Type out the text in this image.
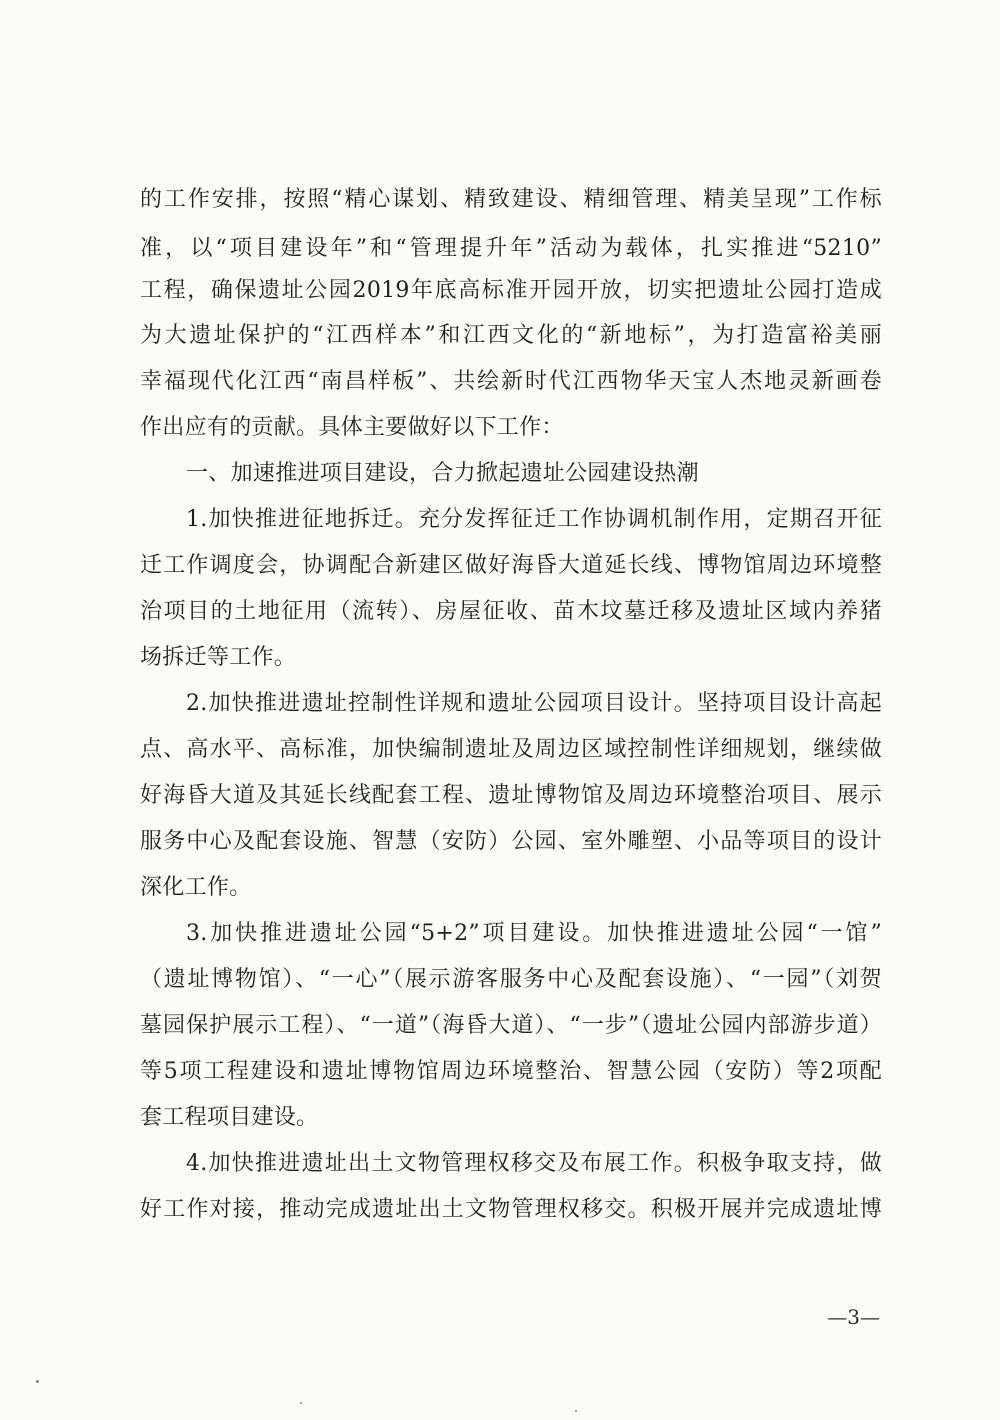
的工作安排，按照“精心谋划、精致建设、精细管理、精美呈现”工作标
准，以“项目建设年”和“管理提升年”活动为载体，扎实推进“5210”
工程，确保遗址公园2019年底高标准开园开放，切实把遗址公园打造成
为大遗址保护的“江西样本”和江西文化的“新地标”，为打造富裕美丽
幸福现代化江西“南昌样板”、共绘新时代江西物华天宝人杰地灵新画卷
作出应有的贡献。具体主要做好以下工作：
一、加速推进项目建设，合力掀起遗址公园建设热潮
1.加快推进征地拆迁。充分发挥征迁工作协调机制作用，定期召开征
迁工作调度会，协调配合新建区做好海昏大道延长线、博物馆周边环境整
治项目的土地征用（流转）、房屋征收、苗木坟墓迁移及遗址区域内养猪
场拆迁等工作。
2.加快推进遗址控制性详规和遗址公园项目设计。坚持项目设计高起
点、高水平、高标准，加快编制遗址及周边区域控制性详细规划，继续做
好海昏大道及其延长线配套工程、遗址博物馆及周边环境整治项目、展示
服务中心及配套设施、智慧（安防）公园、室外雕塑、小品等项目的设计
深化工作。
3.加快推进遗址公园“5+2”项目建设。加快推进遗址公园“一馆”
（遗址博物馆）、“一心”（展示游客服务中心及配套设施）、“一园”（刘贺
墓园保护展示工程）、“一道”（海昏大道）、“一步”（遗址公园内部游步道）
等5项工程建设和遗址博物馆周边环境整治、智慧公园（安防）等2项配
套工程项目建设。
4.加快推进遗址出土文物管理权移交及布展工作。积极争取支持，做
好工作对接，推动完成遗址出土文物管理权移交。积极开展并完成遗址博
—3—
